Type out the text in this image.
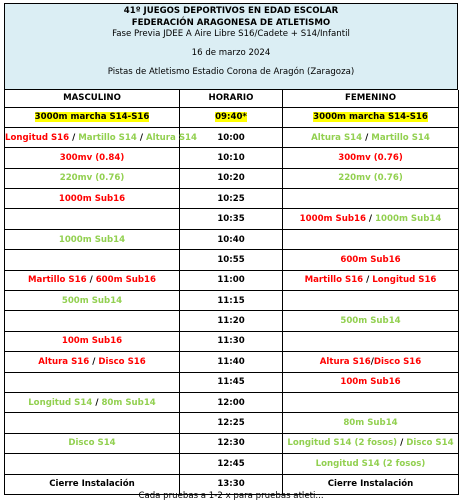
41º JUEGOS DEPORTIVOS EN EDAD ESCOLAR
FEDERACIÓN ARAGONESA DE ATLETISMO
Fase Previa JDEE A Aire Libre S16/Cadete + S14/Infantil
16 de marzo 2024
Pistas de Atletismo Estadio Corona de Aragón (Zaragoza)
MASCULINO	HORARIO	FEMENINO
3000m marcha S14-S16	09:40*	3000m marcha S14-S16
Longitud S16 / Martillo S14 / Altura S14	10:00	Altura S14 / Martillo S14
300mv (0.84)	10:10	300mv (0.76)
220mv (0.76)	10:20	220mv (0.76)
1000m Sub16	10:25	
	10:35	1000m Sub16 / 1000m Sub14
1000m Sub14	10:40	
	10:55	600m Sub16
Martillo S16 / 600m Sub16	11:00	Martillo S16 / Longitud S16
500m Sub14	11:15	
	11:20	500m Sub14
100m Sub16	11:30	
Altura S16 / Disco S16	11:40	Altura S16/Disco S16
	11:45	100m Sub16
Longitud S14 / 80m Sub14	12:00	
	12:25	80m Sub14
Disco S14	12:30	Longitud S14 (2 fosos) / Disco S14
	12:45	Longitud S14 (2 fosos)
Cierre Instalación	13:30	Cierre Instalación
Cada pruebas a 1-2 x para pruebas atleti...
